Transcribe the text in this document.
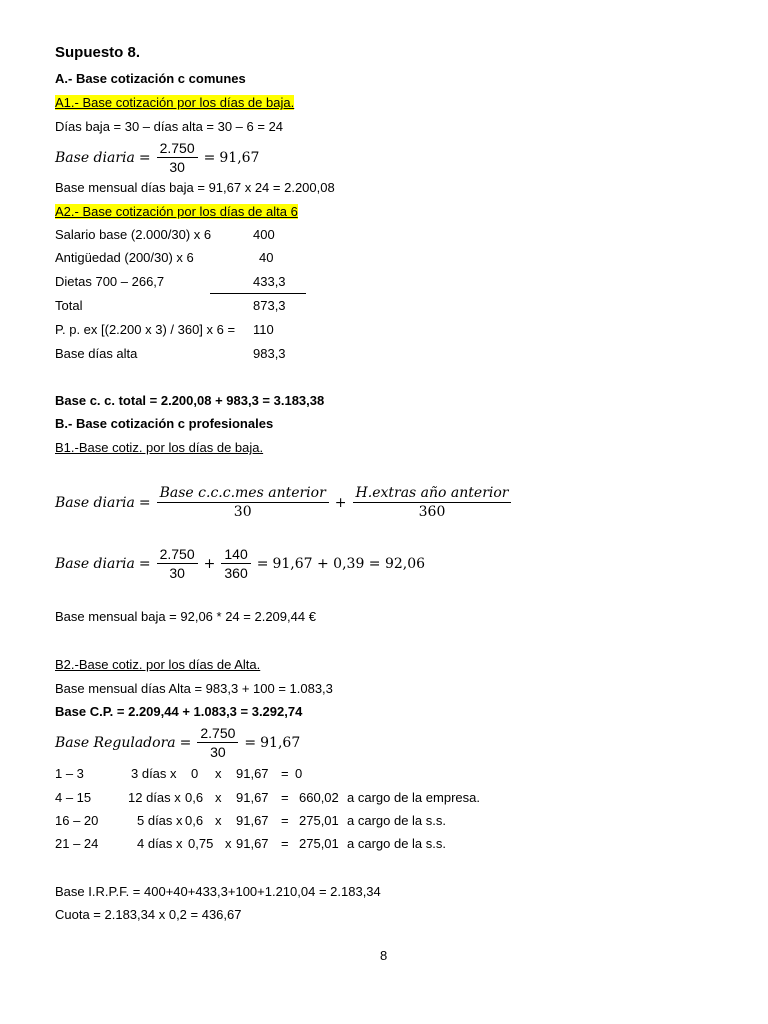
Supuesto 8.
A.- Base cotización c comunes
A1.- Base cotización por los días de baja.
Días baja = 30 – días alta = 30 – 6 = 24
Base diaria = $\frac{2.750}{30} = 91,67$
Base mensual días baja = 91,67 x 24 = 2.200,08
A2.- Base cotización por los días de alta 6
Salario base (2.000/30) x 6	400
Antigüedad (200/30) x 6	40
Dietas 700 – 266,7	433,3
Total	873,3
P. p. ex [(2.200 x 3) / 360] x 6 = 110
Base días alta	983,3
Base c. c. total = 2.200,08 + 983,3 = 3.183,38
B.- Base cotización c profesionales
B1.-Base cotiz. por los días de baja.
Base diaria = $\frac{\text{Base c.c.c.mes anterior}}{30} + \frac{\text{H.extras año anterior}}{360}$
Base diaria = $\frac{2.750}{30} + \frac{140}{360} = 91,67 + 0,39 = 92,06$
Base mensual baja = 92,06 * 24 = 2.209,44 €
B2.-Base cotiz. por los días de Alta.
Base mensual días Alta = 983,3 + 100 = 1.083,3
Base C.P. = 2.209,44 + 1.083,3 = 3.292,74
Base Reguladora = $\frac{2.750}{30} = 91,67$
1 – 3	3 días x 0 x 91,67 = 0
4 – 15	12 días x 0,6 x 91,67 = 660,02 a cargo de la empresa.
16 – 20	5 días x 0,6 x 91,67 = 275,01 a cargo de la s.s.
21 – 24	4 días x 0,75 x 91,67 = 275,01 a cargo de la s.s.
Base I.R.P.F. = 400+40+433,3+100+1.210,04 = 2.183,34
Cuota = 2.183,34 x 0,2 = 436,67
8
